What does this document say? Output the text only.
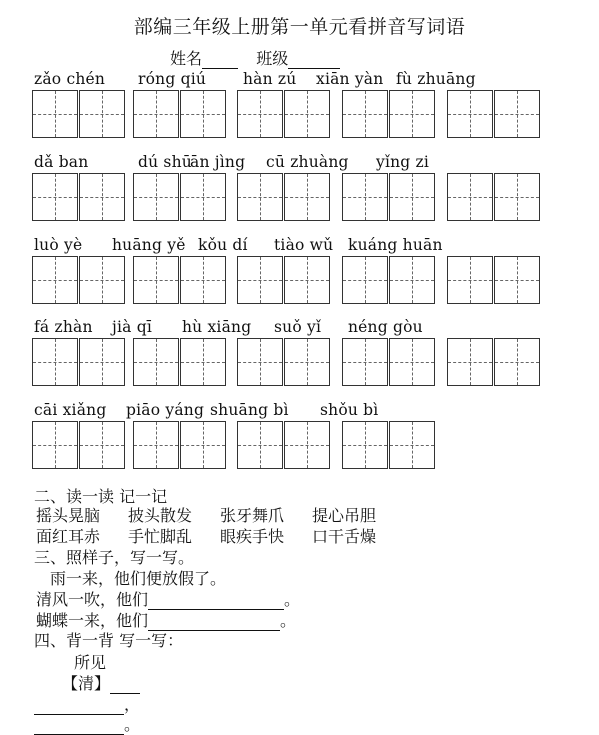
部编三年级上册第一单元看拼音写词语
姓名	班级
zǎo chén róng qiú hàn zú xiān yàn fù zhuāng
dǎ ban	dú shū
ān jìng cū zhuàng yǐng zi
luò yè huāng yě kǒu dí tiào wǔ kuáng huān
fá zhàn jià qī hù xiāng suǒ yǐ néng gòu
cāi xiǎng piāo yáng shuāng bì shǒu bì
二、读一读 记一记
摇头晃脑 披头散发 张牙舞爪 提心吊胆
面红耳赤 手忙脚乱 眼疾手快 口干舌燥
三、照样子，写一写。
雨一来，他们便放假了。
清风一吹，他们	。
蝴蝶一来，他们	。
四、背一背 写一写：
所见
【清】
，
。
